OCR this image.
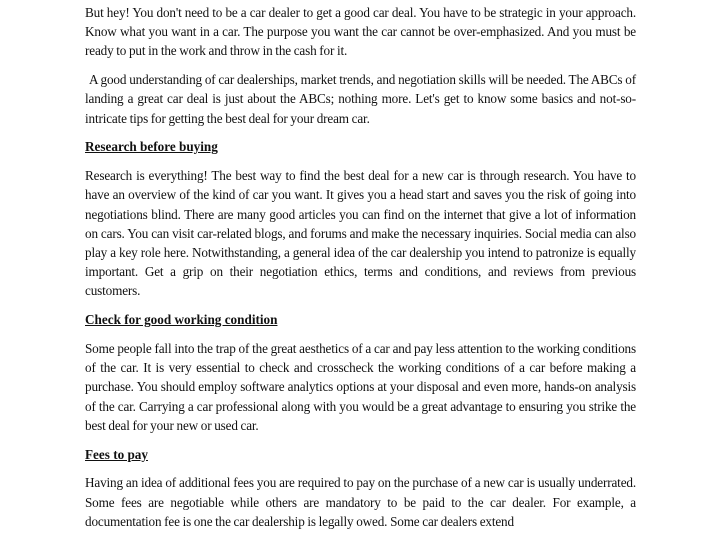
But hey! You don't need to be a car dealer to get a good car deal. You have to be strategic in your approach. Know what you want in a car. The purpose you want the car cannot be over-emphasized. And you must be ready to put in the work and throw in the cash for it.

A good understanding of car dealerships, market trends, and negotiation skills will be needed. The ABCs of landing a great car deal is just about the ABCs; nothing more. Let's get to know some basics and not-so-intricate tips for getting the best deal for your dream car.

Research before buying

Research is everything! The best way to find the best deal for a new car is through research. You have to have an overview of the kind of car you want. It gives you a head start and saves you the risk of going into negotiations blind. There are many good articles you can find on the internet that give a lot of information on cars. You can visit car-related blogs, and forums and make the necessary inquiries. Social media can also play a key role here. Notwithstanding, a general idea of the car dealership you intend to patronize is equally important. Get a grip on their negotiation ethics, terms and conditions, and reviews from previous customers.

Check for good working condition

Some people fall into the trap of the great aesthetics of a car and pay less attention to the working conditions of the car. It is very essential to check and crosscheck the working conditions of a car before making a purchase. You should employ software analytics options at your disposal and even more, hands-on analysis of the car. Carrying a car professional along with you would be a great advantage to ensuring you strike the best deal for your new or used car.

Fees to pay

Having an idea of additional fees you are required to pay on the purchase of a new car is usually underrated. Some fees are negotiable while others are mandatory to be paid to the car dealer. For example, a documentation fee is one the car dealership is legally owed. Some car dealers extend
